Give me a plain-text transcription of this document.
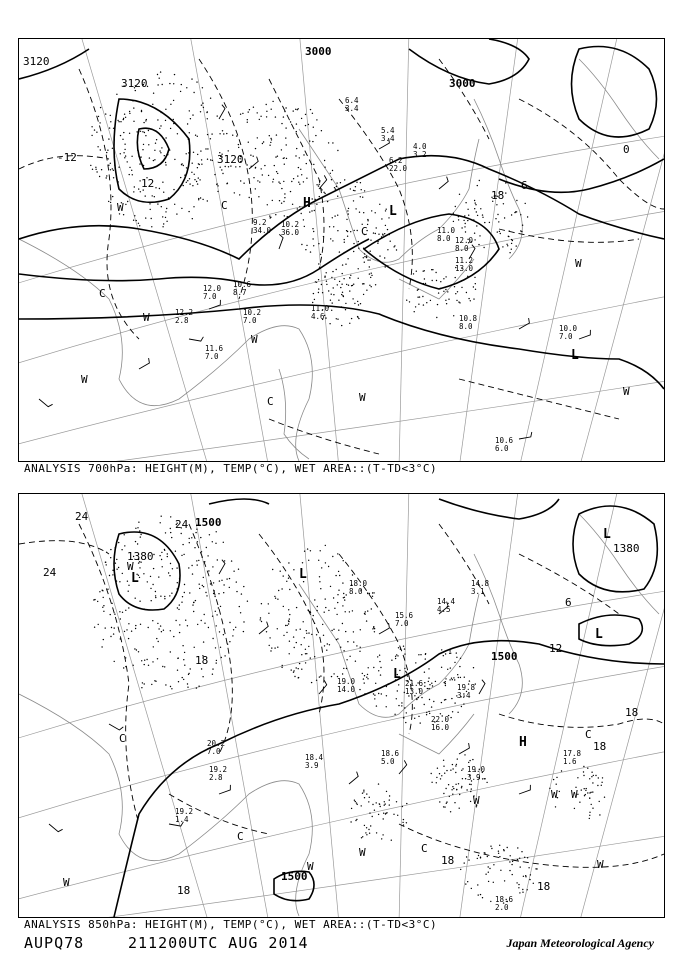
3120
3120
3120
3000
3000
-12
12	6
0
18
H
L
L
C
C
W
W
W
W
W
W
W
C
C
10.0 7.0
10.8 8.0
10.6 6.0
11.0 8.0 12.0 8.0
11.2 13.0
6.4 3.4
5.4 3.4
6.2 22.0
4.0 3.2
9.2 34.0
10.2 36.0
12.0 7.0
11.0 4.6
10.6 8.7
11.6 7.0
12.2 2.8
10.2 7.0
ANALYSIS 700hPa: HEIGHT(M), TEMP(°C), WET AREA::(T-TD<3°C)
1380
1380
1500
1500
1500
24
24
24
18
18
18
18	18
18
12
6
L	L
L
L
H
L
C
C
C
C
W
W
W
W	W
W
W
W
18.0 8.0
15.6 7.0
14.4 4.5
14.8 3.1
18.6 5.0
19.0 3.9
18.6 2.0
17.8 1.6
19.2 1.4
19.2 2.8
22.0 16.0
21.6 13.0
19.0 14.0
20.2 7.0
19.8 3.4
18.4 3.9
ANALYSIS 850hPa: HEIGHT(M), TEMP(°C), WET AREA::(T-TD<3°C)
AUPQ78	211200UTC AUG 2014	Japan Meteorological Agency
